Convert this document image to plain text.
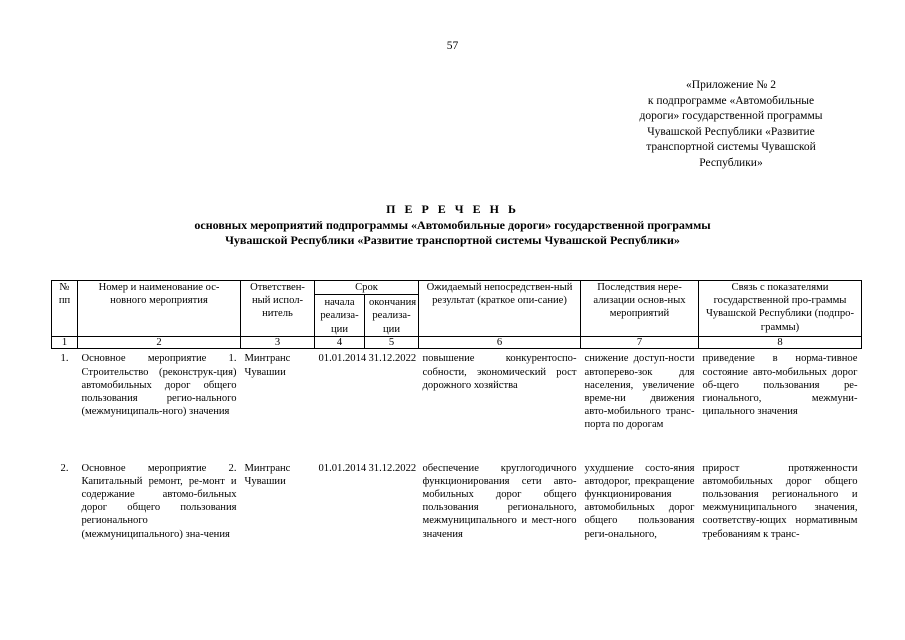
57
«Приложение № 2
к подпрограмме «Автомобильные
дороги» государственной программы
Чувашской Республики «Развитие
транспортной системы Чувашской
Республики»
П Е Р Е Ч Е Н Ь
основных мероприятий подпрограммы «Автомобильные дороги» государственной программы
Чувашской Республики «Развитие транспортной системы Чувашской Республики»
№ пп	Номер и наименование ос-новного мероприятия	Ответствен-ный испол-нитель	Срок		Ожидаемый непосредствен-ный результат (краткое опи-сание)	Последствия нере-ализации основ-ных мероприятий	Связь с показателями государственной про-граммы Чувашской Республики (подпро-граммы)
			начала реализа-ции	окончания реализа-ции			
1	2	3	4	5	6	7	8
1.	Основное мероприятие 1. Строительство (реконструк-ция) автомобильных дорог общего пользования регио-нального (межмуниципаль-ного) значения	Минтранс Чувашии	01.01.2014	31.12.2022	повышение конкурентоспо-собности, экономический рост дорожного хозяйства	снижение доступ-ности автоперево-зок для населения, увеличение време-ни движения авто-мобильного транс-порта по дорогам	приведение в норма-тивное состояние авто-мобильных дорог об-щего пользования ре-гионального, межмуни-ципального значения
2.	Основное мероприятие 2. Капитальный ремонт, ре-монт и содержание автомо-бильных дорог общего пользования регионального (межмуниципального) зна-чения	Минтранс Чувашии	01.01.2014	31.12.2022	обеспечение круглогодичного функционирования сети авто-мобильных дорог общего пользования регионального, межмуниципального и мест-ного значения	ухудшение состо-яния автодорог, прекращение функционирования автомобильных дорог общего пользования реги-онального,	прирост протяженности автомобильных дорог общего пользования регионального и межмуниципального значения, соответству-ющих нормативным требованиям к транс-
